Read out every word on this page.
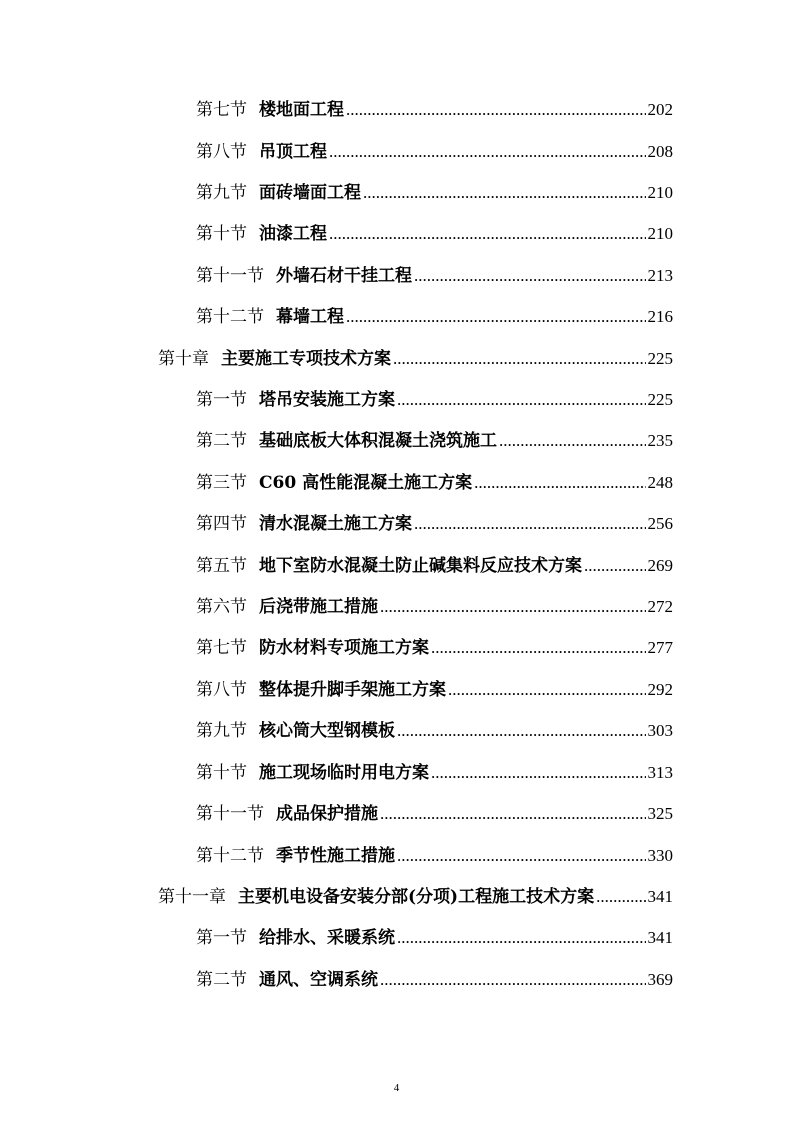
第七节 楼地面工程 .....	202
第八节 吊顶工程 .....	208
第九节 面砖墙面工程 .....	210
第十节 油漆工程 .....	210
第十一节 外墙石材干挂工程 .....	213
第十二节 幕墙工程 .....	216
第十章 主要施工专项技术方案 .....	225
第一节 塔吊安装施工方案 .....	225
第二节 基础底板大体积混凝土浇筑施工 .....	235
第三节 C60 高性能混凝土施工方案 .....	248
第四节 清水混凝土施工方案 .....	256
第五节 地下室防水混凝土防止碱集料反应技术方案 .....	269
第六节 后浇带施工措施 .....	272
第七节 防水材料专项施工方案 .....	277
第八节 整体提升脚手架施工方案 .....	292
第九节 核心筒大型钢模板 .....	303
第十节 施工现场临时用电方案 .....	313
第十一节 成品保护措施 .....	325
第十二节 季节性施工措施 .....	330
第十一章 主要机电设备安装分部(分项)工程施工技术方案 .....	341
第一节 给排水、采暖系统 .....	341
第二节 通风、空调系统 .....	369
4
